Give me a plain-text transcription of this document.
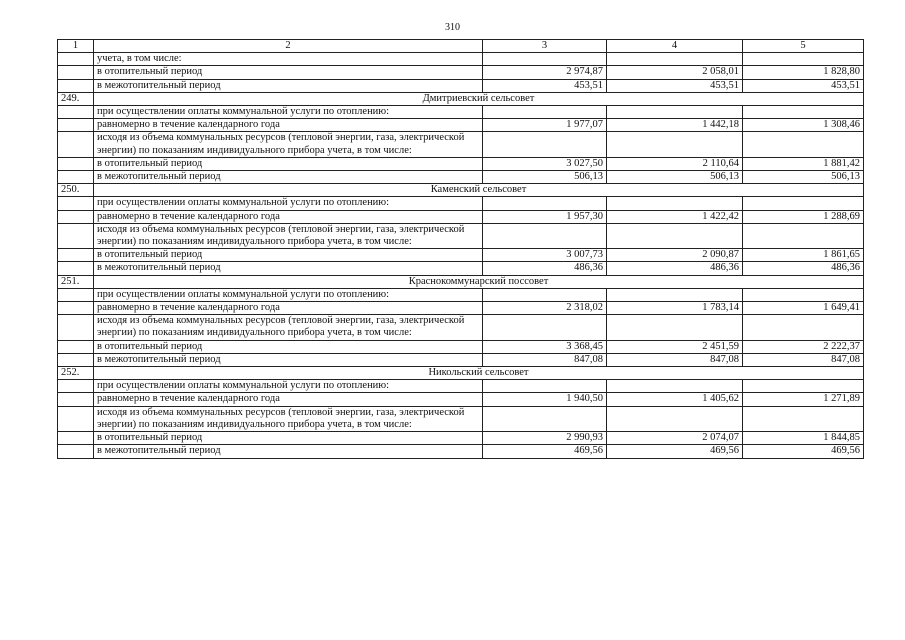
310
1	2	3	4	5
	учета, в том числе:			
	в отопительный период	2 974,87	2 058,01	1 828,80
	в межотопительный период	453,51	453,51	453,51
249.	Дмитриевский сельсовет			
	при осуществлении оплаты коммунальной услуги по отоплению:			
	равномерно в течение календарного года	1 977,07	1 442,18	1 308,46
	исходя из объема коммунальных ресурсов (тепловой энергии, газа, электрической энергии) по показаниям индивидуального прибора учета, в том числе:			
	в отопительный период	3 027,50	2 110,64	1 881,42
	в межотопительный период	506,13	506,13	506,13
250.	Каменский сельсовет			
	при осуществлении оплаты коммунальной услуги по отоплению:			
	равномерно в течение календарного года	1 957,30	1 422,42	1 288,69
	исходя из объема коммунальных ресурсов (тепловой энергии, газа, электрической энергии) по показаниям индивидуального прибора учета, в том числе:			
	в отопительный период	3 007,73	2 090,87	1 861,65
	в межотопительный период	486,36	486,36	486,36
251.	Краснокоммунарский поссовет			
	при осуществлении оплаты коммунальной услуги по отоплению:			
	равномерно в течение календарного года	2 318,02	1 783,14	1 649,41
	исходя из объема коммунальных ресурсов (тепловой энергии, газа, электрической энергии) по показаниям индивидуального прибора учета, в том числе:			
	в отопительный период	3 368,45	2 451,59	2 222,37
	в межотопительный период	847,08	847,08	847,08
252.	Никольский сельсовет			
	при осуществлении оплаты коммунальной услуги по отоплению:			
	равномерно в течение календарного года	1 940,50	1 405,62	1 271,89
	исходя из объема коммунальных ресурсов (тепловой энергии, газа, электрической энергии) по показаниям индивидуального прибора учета, в том числе:			
	в отопительный период	2 990,93	2 074,07	1 844,85
	в межотопительный период	469,56	469,56	469,56
